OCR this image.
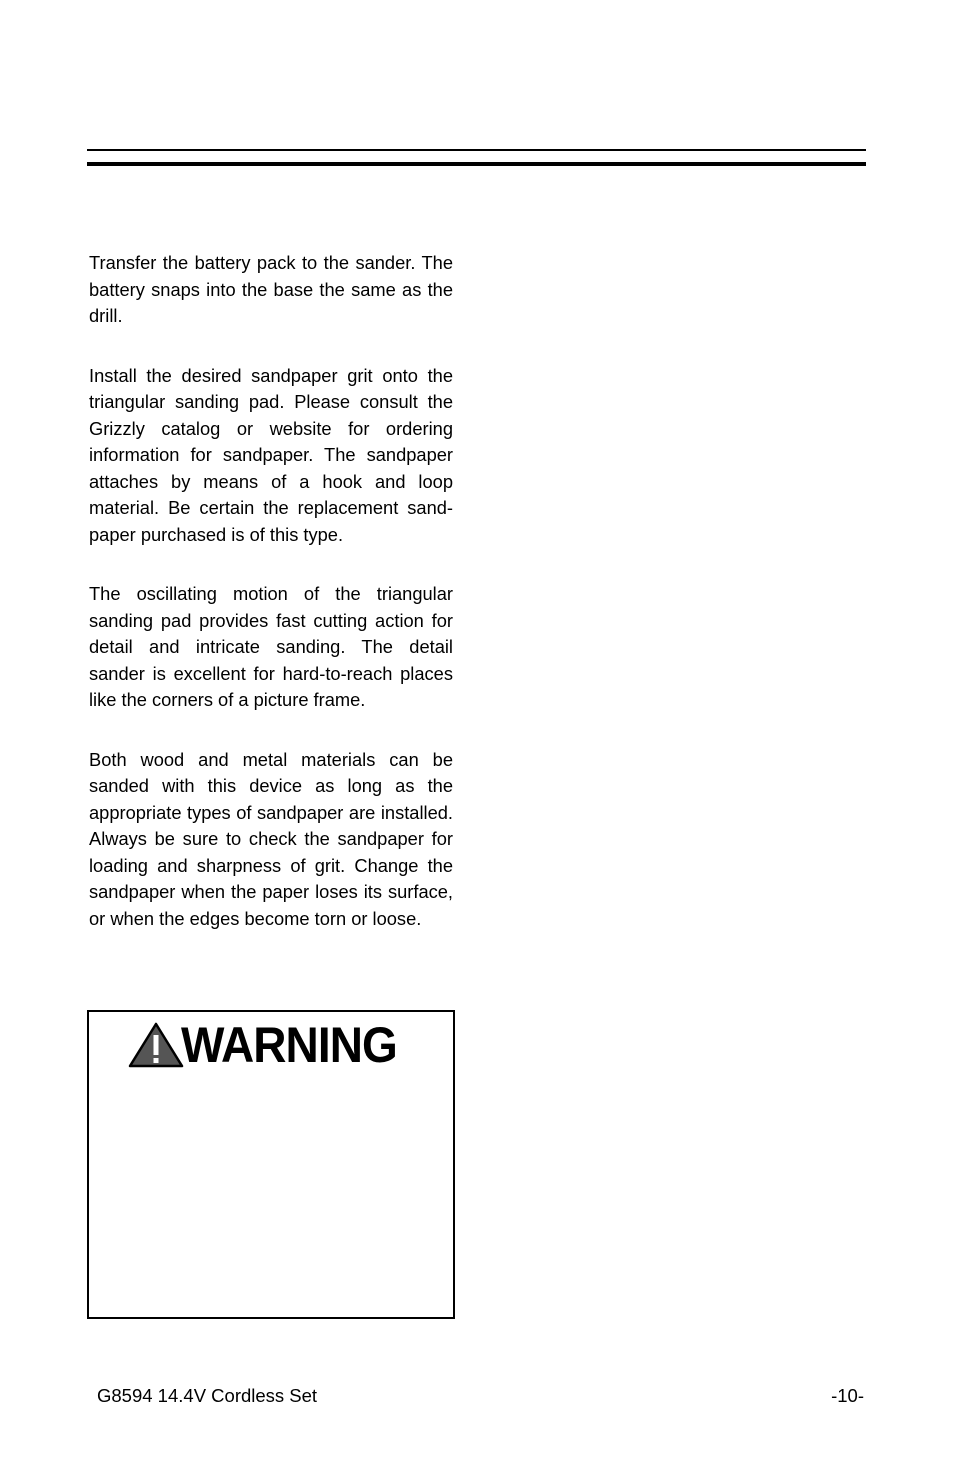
Transfer the battery pack to the sander. The battery snaps into the base the same as the drill.

Install the desired sandpaper grit onto the triangular sanding pad. Please consult the Grizzly catalog or website for ordering information for sandpaper. The sandpaper attaches by means of a hook and loop material. Be certain the replacement sandpaper purchased is of this type.

The oscillating motion of the triangular sanding pad provides fast cutting action for detail and intricate sanding. The detail sander is excellent for hard-to-reach places like the corners of a picture frame.

Both wood and metal materials can be sanded with this device as long as the appropriate types of sandpaper are installed. Always be sure to check the sandpaper for loading and sharpness of grit. Change the sandpaper when the paper loses its surface, or when the edges become torn or loose.

WARNING
G8594 14.4V Cordless Set	-10-
